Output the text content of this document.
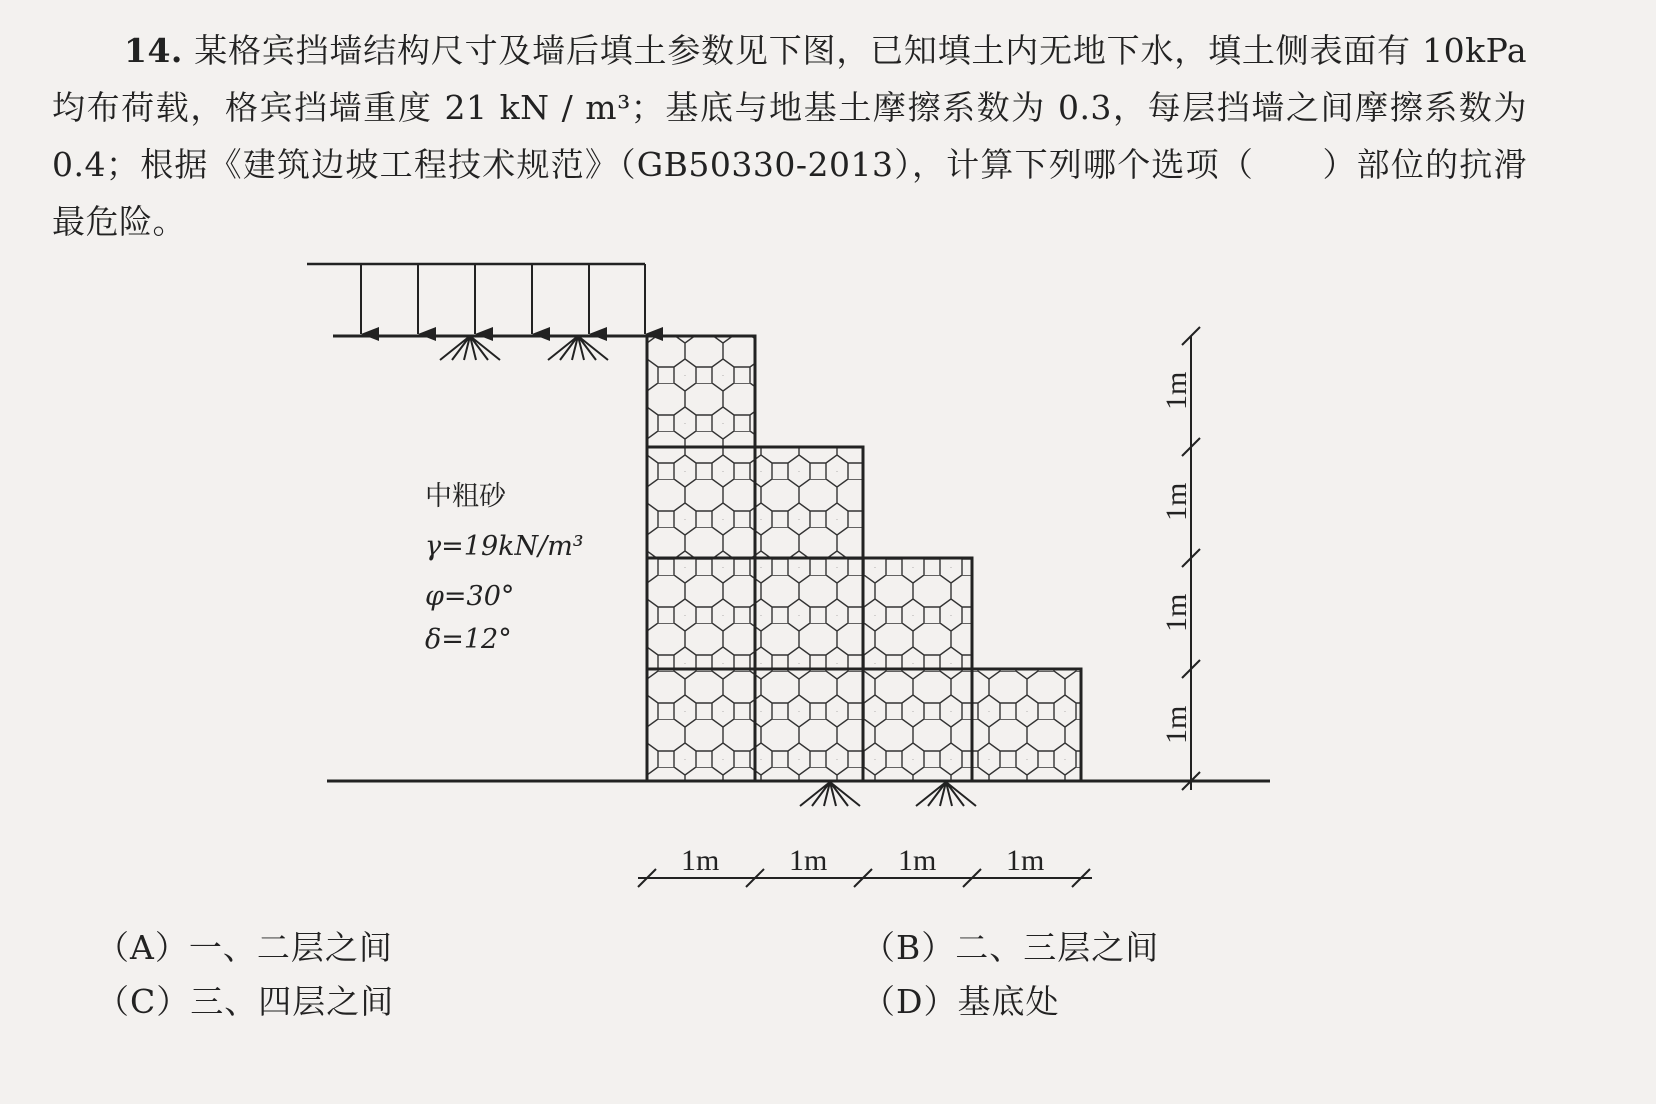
14. 某格宾挡墙结构尺寸及墙后填土参数见下图，已知填土内无地下水，填土侧表面有 10kPa 均布荷载，格宾挡墙重度 21 kN / m³；基底与地基土摩擦系数为 0.3，每层挡墙之间摩擦系数为 0.4；根据《建筑边坡工程技术规范》（GB50330-2013），计算下列哪个选项（　　）部位的抗滑最危险。
中粗砂
γ=19kN/m³
φ=30°
δ=12°
1m
1m
1m
1m
1m 1m 1m 1m
（A）一、二层之间	（B）二、三层之间
（C）三、四层之间	（D）基底处
